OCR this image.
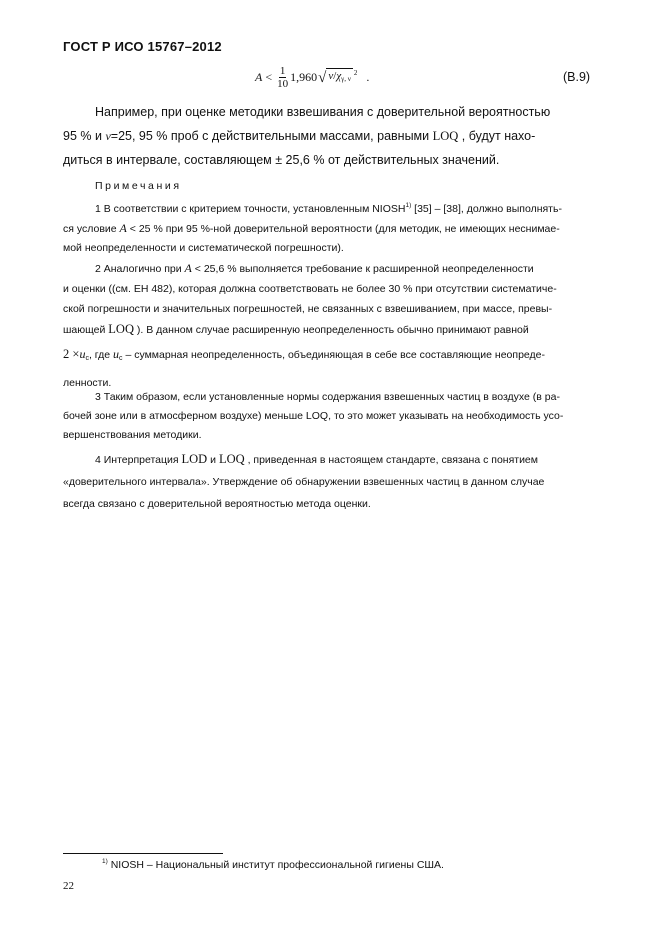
ГОСТ Р ИСО 15767–2012
$A < \frac{1}{10} 1,960$ √ $\nu/\chi_{\gamma, \nu}$
2 .	(В.9)
Например, при оценке методики взвешивания с доверительной вероятностью
95 % и ν=25, 95 % проб с действительными массами, равными LOQ , будут нахо-
диться в интервале, составляющем ± 25,6 % от действительных значений.
Примечания
1 В соответствии с критерием точности, установленным NIOSH$^{1)}$ [35] – [38], должно выполнять-
ся условие A < 25 % при 95 %-ной доверительной вероятности (для методик, не имеющих неснимае-
мой неопределенности и систематической погрешности).
2 Аналогично при A < 25,6 % выполняется требование к расширенной неопределенности
и оценки ((см. ЕН 482), которая должна соответствовать не более 30 % при отсутствии систематиче-
ской погрешности и значительных погрешностей, не связанных с взвешиванием, при массе, превы-
шающей LOQ ). В данном случае расширенную неопределенность обычно принимают равной
$2 \times u_c$, где $u_c$ – суммарная неопределенность, объединяющая в себе все составляющие неопреде-
ленности.
3 Таким образом, если установленные нормы содержания взвешенных частиц в воздухе (в ра-
бочей зоне или в атмосферном воздухе) меньше LOQ, то это может указывать на необходимость усо-
вершенствования методики.
4 Интерпретация LOD и LOQ , приведенная в настоящем стандарте, связана с понятием
«доверительного интервала». Утверждение об обнаружении взвешенных частиц в данном случае
всегда связано с доверительной вероятностью метода оценки.
$^{1)}$ NIOSH – Национальный институт профессиональной гигиены США.
22
